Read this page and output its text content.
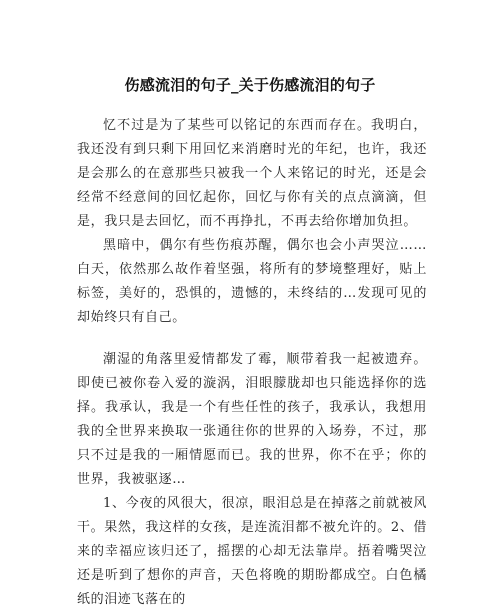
伤感流泪的句子_关于伤感流泪的句子

忆不过是为了某些可以铭记的东西而存在。我明白，我还没有到只剩下用回忆来消磨时光的年纪，也许，我还是会那么的在意那些只被我一个人来铭记的时光，还是会经常不经意间的回忆起你，回忆与你有关的点点滴滴，但是，我只是去回忆，而不再挣扎，不再去给你增加负担。

黑暗中，偶尔有些伤痕苏醒，偶尔也会小声哭泣……白天，依然那么故作着坚强，将所有的梦境整理好，贴上标签，美好的，恐惧的，遗憾的，未终结的…发现可见的却始终只有自己。

潮湿的角落里爱情都发了霉，顺带着我一起被遗弃。即使已被你卷入爱的漩涡，泪眼朦胧却也只能选择你的选择。我承认，我是一个有些任性的孩子，我承认，我想用我的全世界来换取一张通往你的世界的入场券，不过，那只不过是我的一厢情愿而已。我的世界，你不在乎；你的世界，我被驱逐…

1、今夜的风很大，很凉，眼泪总是在掉落之前就被风干。果然，我这样的女孩，是连流泪都不被允许的。2、借来的幸福应该归还了，摇摆的心却无法靠岸。捂着嘴哭泣还是听到了想你的声音，天色将晚的期盼都成空。白色橘纸的泪迹飞落在的
